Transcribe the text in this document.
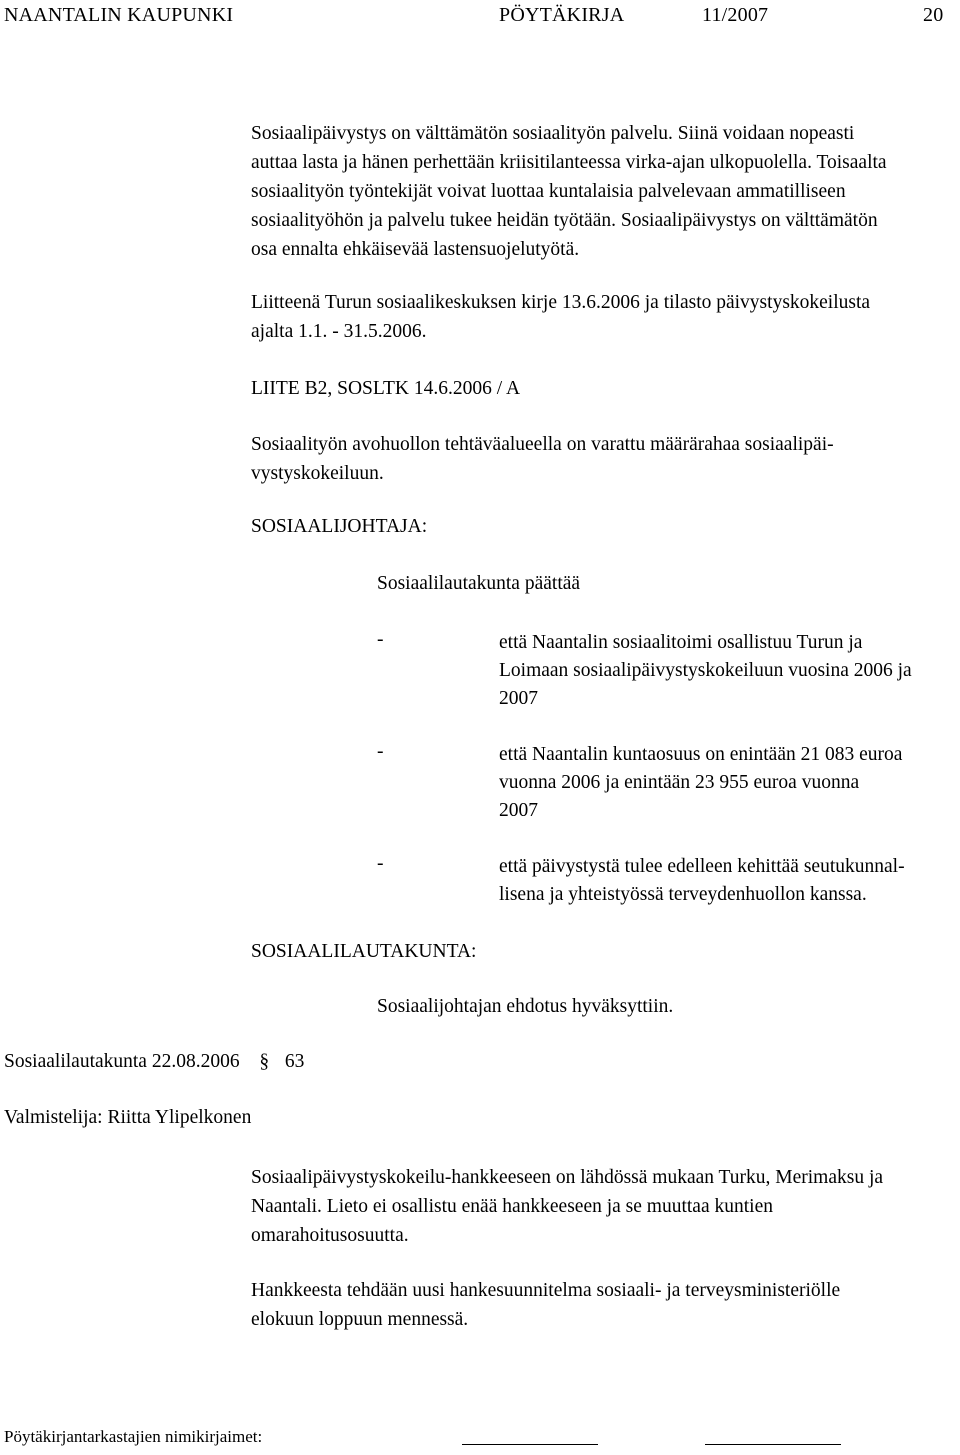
NAANTALIN KAUPUNKI	PÖYTÄKIRJA	11/2007	20
Sosiaalipäivystys on välttämätön sosiaalityön palvelu. Siinä voidaan nopeasti
auttaa lasta ja hänen perhettään kriisitilanteessa virka-ajan ulkopuolella. Toisaalta
sosiaalityön työntekijät voivat luottaa kuntalaisia palvelevaan ammatilliseen
sosiaalityöhön ja palvelu tukee heidän työtään. Sosiaalipäivystys on välttämätön
osa ennalta ehkäisevää lastensuojelutyötä.
Liitteenä Turun sosiaalikeskuksen kirje 13.6.2006 ja tilasto päivystyskokeilusta
ajalta 1.1. - 31.5.2006.
LIITE B2, SOSLTK 14.6.2006 / A
Sosiaalityön avohuollon tehtäväalueella on varattu määrärahaa sosiaalipäi-
vystyskokeiluun.
SOSIAALIJOHTAJA:
Sosiaalilautakunta päättää
-	että Naantalin sosiaalitoimi osallistuu Turun ja
Loimaan sosiaalipäivystyskokeiluun vuosina 2006 ja
2007
-	että Naantalin kuntaosuus on enintään 21 083 euroa
vuonna 2006 ja enintään 23 955 euroa vuonna
2007
-	että päivystystä tulee edelleen kehittää seutukunnal-
lisena ja yhteistyössä terveydenhuollon kanssa.
SOSIAALILAUTAKUNTA:
Sosiaalijohtajan ehdotus hyväksyttiin.
Sosiaalilautakunta 22.08.2006 § 63
Valmistelija: Riitta Ylipelkonen
Sosiaalipäivystyskokeilu-hankkeeseen on lähdössä mukaan Turku, Merimaksu ja
Naantali. Lieto ei osallistu enää hankkeeseen ja se muuttaa kuntien
omarahoitusosuutta.
Hankkeesta tehdään uusi hankesuunnitelma sosiaali- ja terveysministeriölle
elokuun loppuun mennessä.
Pöytäkirjantarkastajien nimikirjaimet:
